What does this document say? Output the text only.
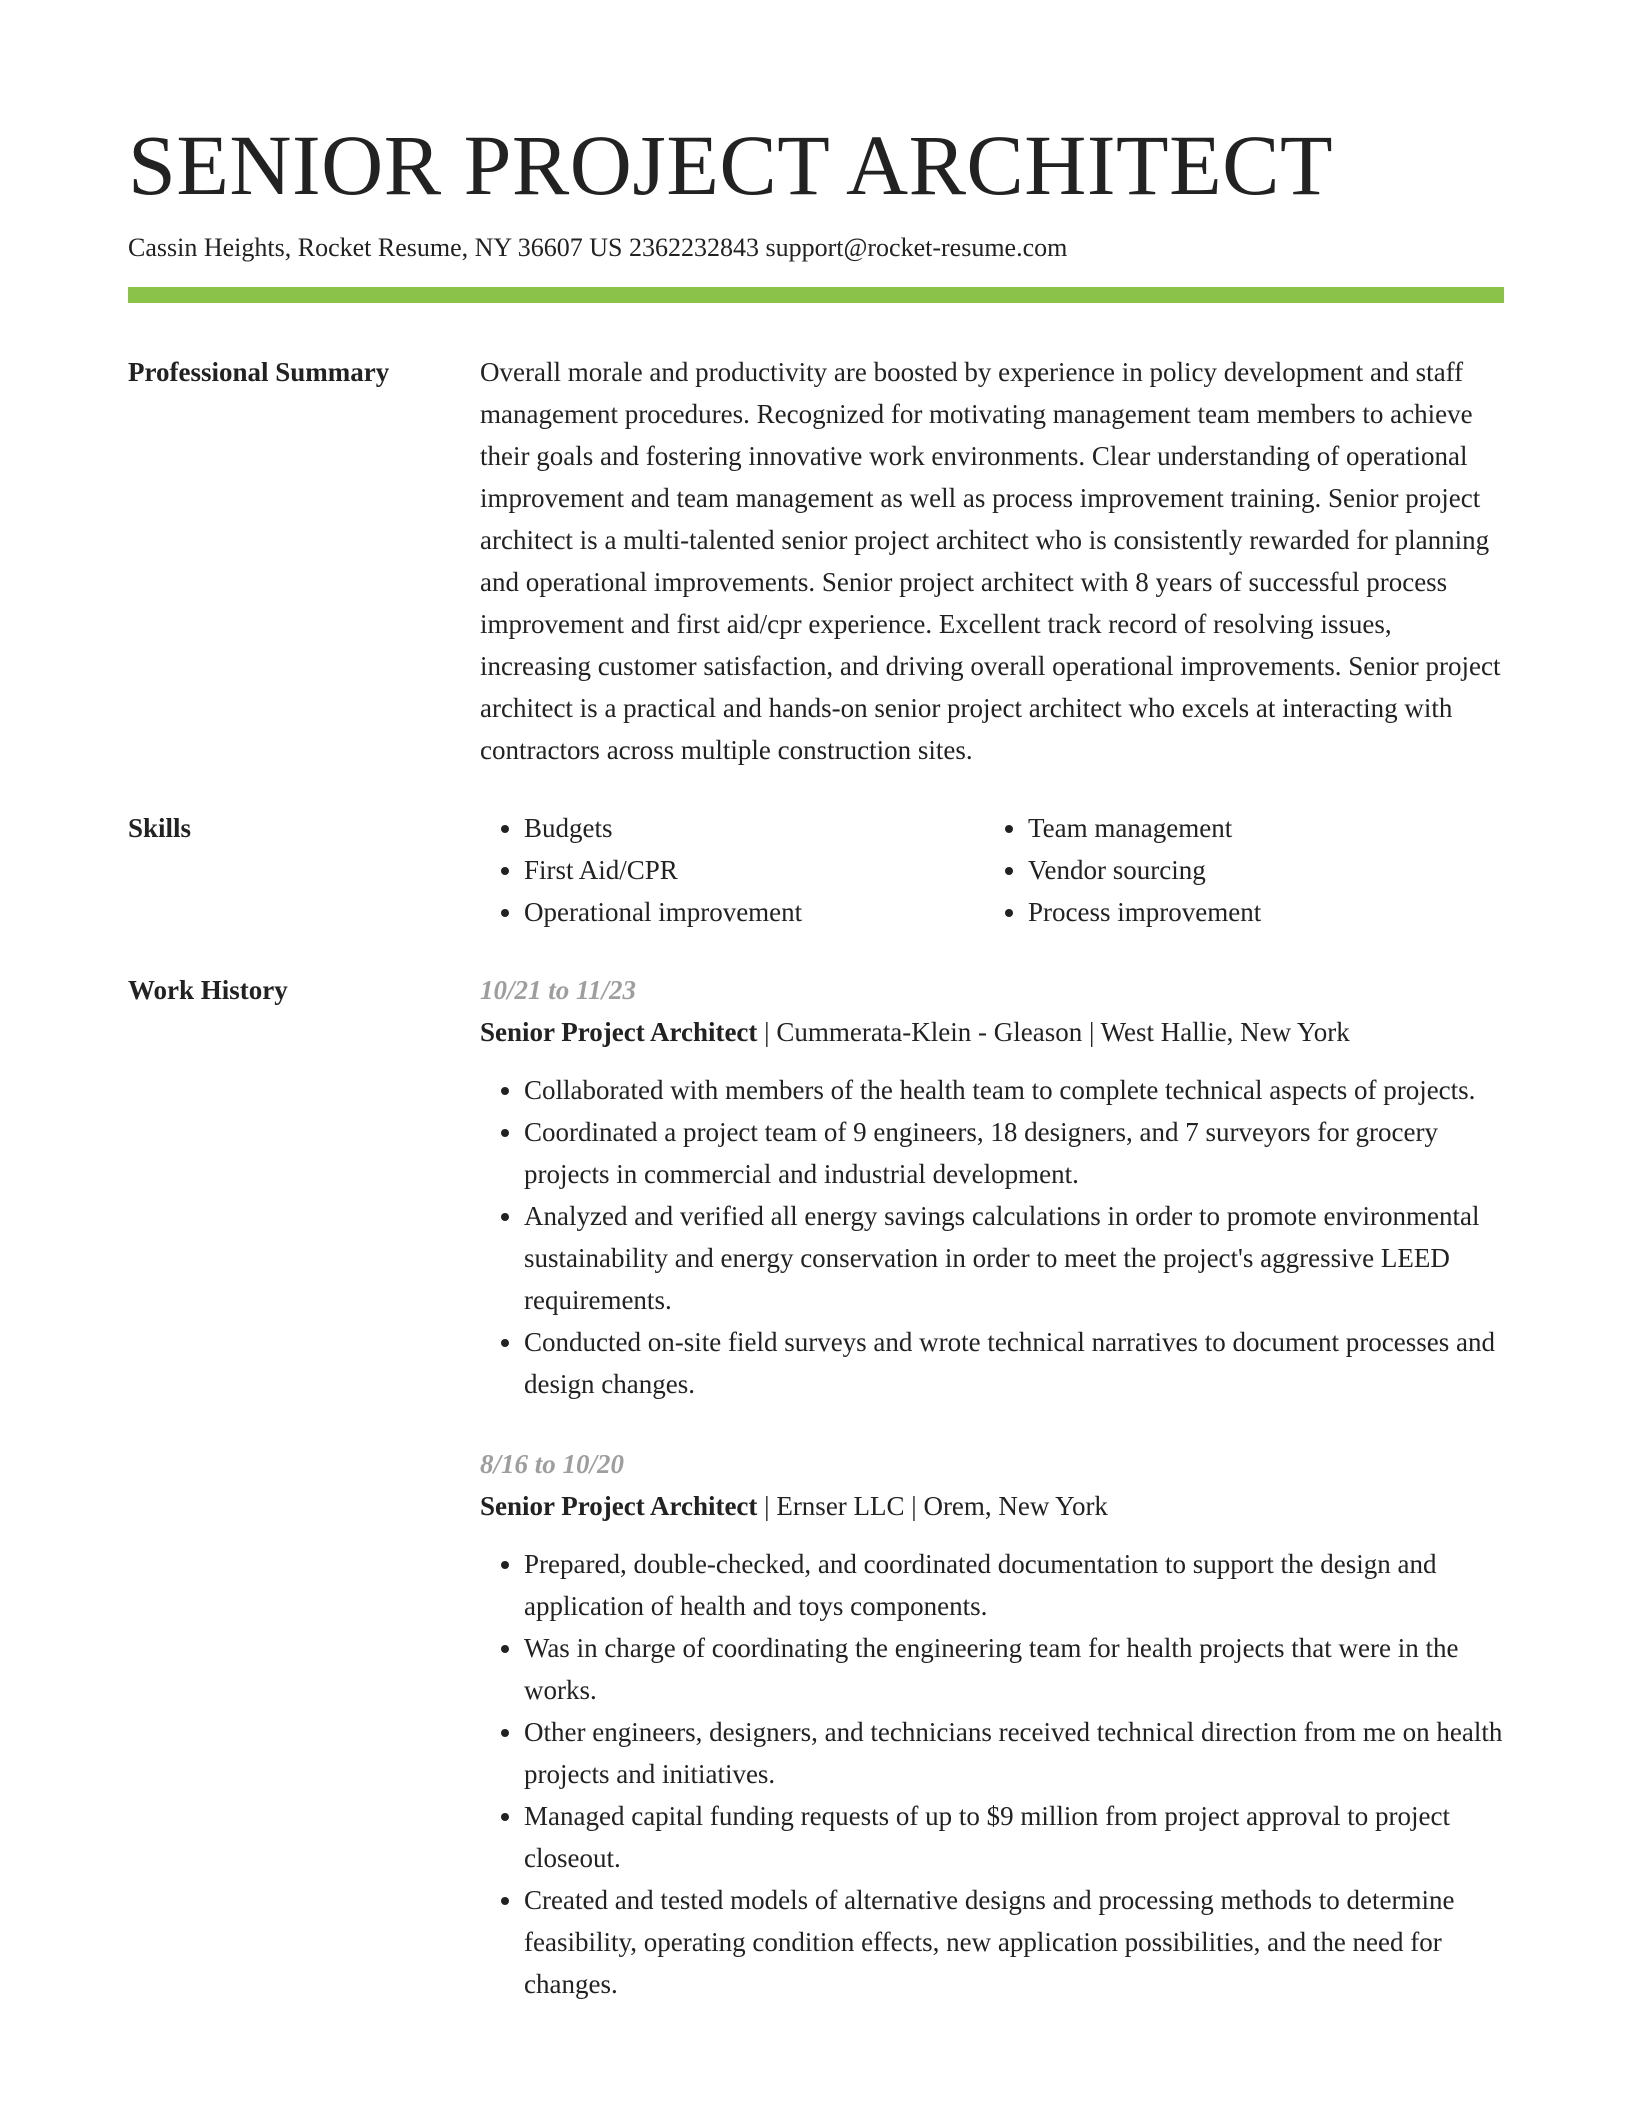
SENIOR PROJECT ARCHITECT
Cassin Heights, Rocket Resume, NY 36607 US 2362232843 support@rocket-resume.com
Professional Summary	Overall morale and productivity are boosted by experience in policy development and staff management procedures. Recognized for motivating management team members to achieve their goals and fostering innovative work environments. Clear understanding of operational improvement and team management as well as process improvement training. Senior project architect is a multi-talented senior project architect who is consistently rewarded for planning and operational improvements. Senior project architect with 8 years of successful process improvement and first aid/cpr experience. Excellent track record of resolving issues, increasing customer satisfaction, and driving overall operational improvements. Senior project architect is a practical and hands-on senior project architect who excels at interacting with contractors across multiple construction sites.

Skills
•	Budgets
• First Aid/CPR
• Operational improvement
• Team management
• Vendor sourcing
• Process improvement
Work History	10/21 to 11/23
Senior Project Architect | Cummerata-Klein - Gleason | West Hallie, New York
• Collaborated with members of the health team to complete technical aspects of projects.
• Coordinated a project team of 9 engineers, 18 designers, and 7 surveyors for grocery projects in commercial and industrial development.
• Analyzed and verified all energy savings calculations in order to promote environmental sustainability and energy conservation in order to meet the project's aggressive LEED requirements.
• Conducted on-site field surveys and wrote technical narratives to document processes and design changes.
8/16 to 10/20
Senior Project Architect | Ernser LLC | Orem, New York
• Prepared, double-checked, and coordinated documentation to support the design and application of health and toys components.
• Was in charge of coordinating the engineering team for health projects that were in the works.
• Other engineers, designers, and technicians received technical direction from me on health projects and initiatives.
• Managed capital funding requests of up to $9 million from project approval to project closeout.
• Created and tested models of alternative designs and processing methods to determine feasibility, operating condition effects, new application possibilities, and the need for changes.
